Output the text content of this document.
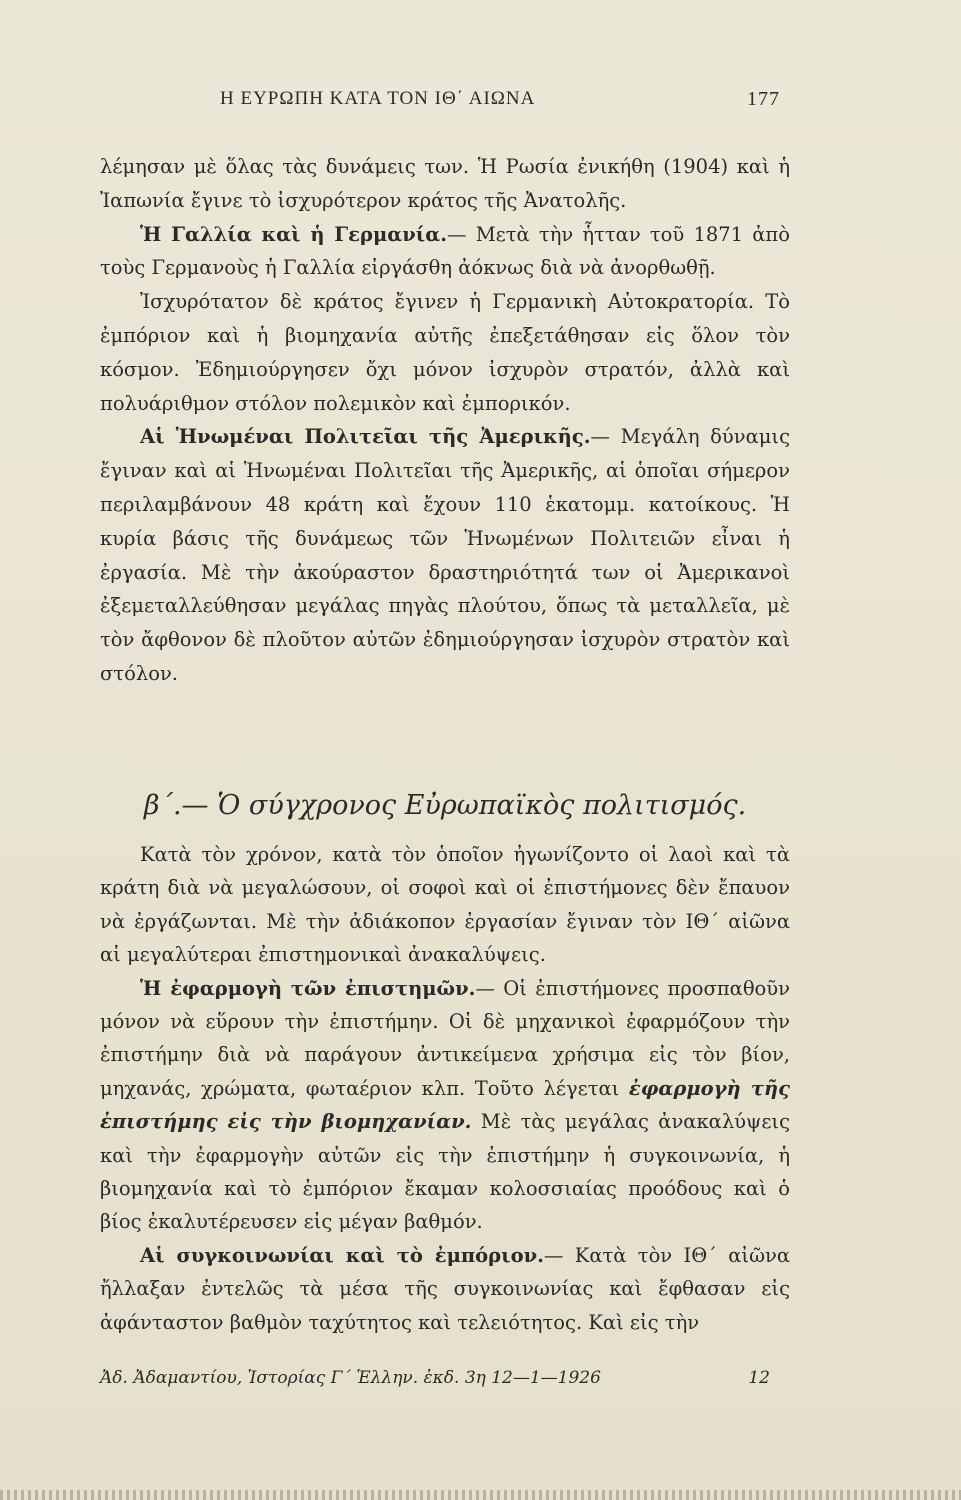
Η ΕΥΡΩΠΗ ΚΑΤΑ ΤΟΝ ΙΘ΄ ΑΙΩΝΑ	177

λέμησαν μὲ ὅλας τὰς δυνάμεις των. Ἡ Ρωσία ἐνικήθη (1904) καὶ ἡ Ἰαπωνία ἔγινε τὸ ἰσχυρότερον κράτος τῆς Ἀνατολῆς.

Ἡ Γαλλία καὶ ἡ Γερμανία.— Μετὰ τὴν ἧτταν τοῦ 1871 ἀπὸ τοὺς Γερμανοὺς ἡ Γαλλία εἰργάσθη ἀόκνως διὰ νὰ ἀνορθωθῇ.

Ἰσχυρότατον δὲ κράτος ἔγινεν ἡ Γερμανικὴ Αὐτοκρατορία. Τὸ ἐμπόριον καὶ ἡ βιομηχανία αὐτῆς ἐπεξετάθησαν εἰς ὅλον τὸν κόσμον. Ἐδημιούργησεν ὄχι μόνον ἰσχυρὸν στρατόν, ἀλλὰ καὶ πολυάριθμον στόλον πολεμικὸν καὶ ἐμπορικόν.

Αἱ Ἡνωμέναι Πολιτεῖαι τῆς Ἀμερικῆς.— Μεγάλη δύναμις ἔγιναν καὶ αἱ Ἡνωμέναι Πολιτεῖαι τῆς Ἀμερικῆς, αἱ ὁποῖαι σήμερον περιλαμβάνουν 48 κράτη καὶ ἔχουν 110 ἑκατομμ. κατοίκους. Ἡ κυρία βάσις τῆς δυνάμεως τῶν Ἡνωμένων Πολιτειῶν εἶναι ἡ ἐργασία. Μὲ τὴν ἀκούραστον δραστηριότητά των οἱ Ἀμερικανοὶ ἐξεμεταλλεύθησαν μεγάλας πηγὰς πλούτου, ὅπως τὰ μεταλλεῖα, μὲ τὸν ἄφθονον δὲ πλοῦτον αὐτῶν ἐδημιούργησαν ἰσχυρὸν στρατὸν καὶ στόλον.

β΄.— Ὁ σύγχρονος Εὐρωπαϊκὸς πολιτισμός.

Κατὰ τὸν χρόνον, κατὰ τὸν ὁποῖον ἠγωνίζοντο οἱ λαοὶ καὶ τὰ κράτη διὰ νὰ μεγαλώσουν, οἱ σοφοὶ καὶ οἱ ἐπιστήμονες δὲν ἔπαυον νὰ ἐργάζωνται. Μὲ τὴν ἀδιάκοπον ἐργασίαν ἔγιναν τὸν ΙΘ΄ αἰῶνα αἱ μεγαλύτεραι ἐπιστημονικαὶ ἀνακαλύψεις.

Ἡ ἐφαρμογὴ τῶν ἐπιστημῶν.— Οἱ ἐπιστήμονες προσπαθοῦν μόνον νὰ εὕρουν τὴν ἐπιστήμην. Οἱ δὲ μηχανικοὶ ἐφαρμόζουν τὴν ἐπιστήμην διὰ νὰ παράγουν ἀντικείμενα χρήσιμα εἰς τὸν βίον, μηχανάς, χρώματα, φωταέριον κλπ. Τοῦτο λέγεται ἐφαρμογὴ τῆς ἐπιστήμης εἰς τὴν βιομηχανίαν. Μὲ τὰς μεγάλας ἀνακαλύψεις καὶ τὴν ἐφαρμογὴν αὐτῶν εἰς τὴν ἐπιστήμην ἡ συγκοινωνία, ἡ βιομηχανία καὶ τὸ ἐμπόριον ἔκαμαν κολοσσιαίας προόδους καὶ ὁ βίος ἐκαλυτέρευσεν εἰς μέγαν βαθμόν.

Αἱ συγκοινωνίαι καὶ τὸ ἐμπόριον.— Κατὰ τὸν ΙΘ΄ αἰῶνα ἤλλαξαν ἐντελῶς τὰ μέσα τῆς συγκοινωνίας καὶ ἔφθασαν εἰς ἀφάνταστον βαθμὸν ταχύτητος καὶ τελειότητος. Καὶ εἰς τὴν

Ἀδ. Ἀδαμαντίου, Ἱστορίας Γ΄ Ἑλλην. ἐκδ. 3η 12—1—1926	12
